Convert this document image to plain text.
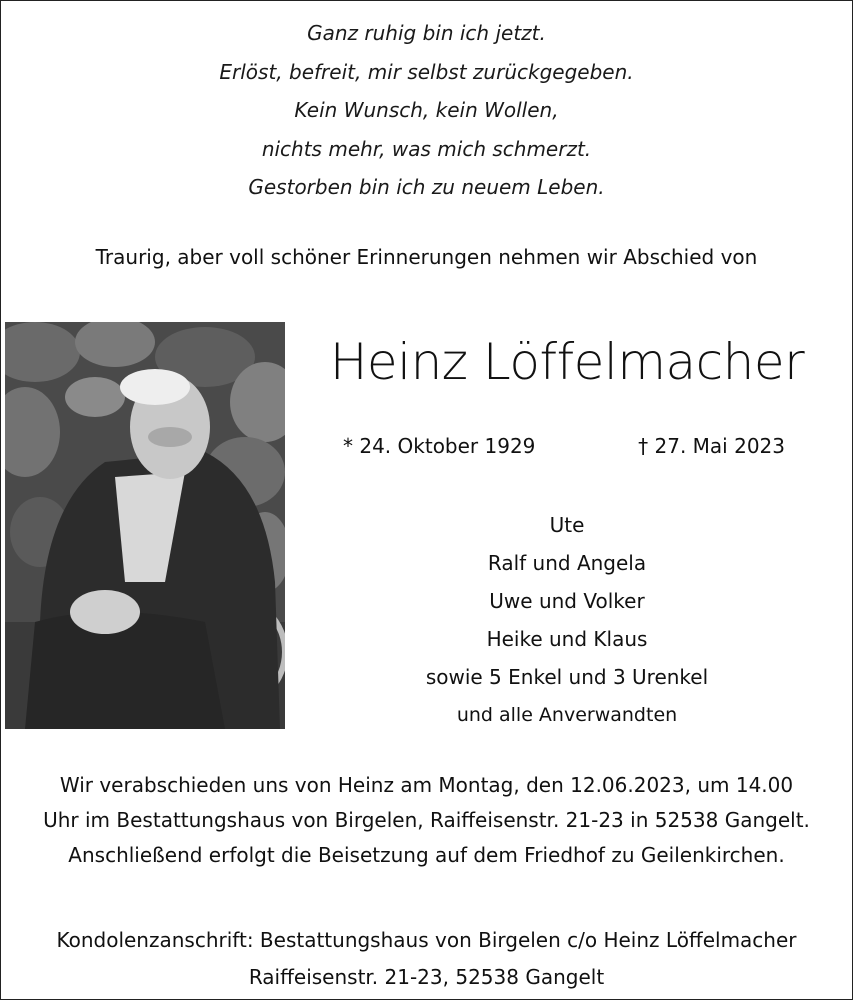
Ganz ruhig bin ich jetzt.
Erlöst, befreit, mir selbst zurückgegeben.
Kein Wunsch, kein Wollen,
nichts mehr, was mich schmerzt.
Gestorben bin ich zu neuem Leben.
Traurig, aber voll schöner Erinnerungen nehmen wir Abschied von
Heinz Löffelmacher
* 24. Oktober 1929	† 27. Mai 2023
Ute
Ralf und Angela
Uwe und Volker
Heike und Klaus
sowie 5 Enkel und 3 Urenkel
und alle Anverwandten
Wir verabschieden uns von Heinz am Montag, den 12.06.2023, um 14.00
Uhr im Bestattungshaus von Birgelen, Raiffeisenstr. 21-23 in 52538 Gangelt.
Anschließend erfolgt die Beisetzung auf dem Friedhof zu Geilenkirchen.
Kondolenzanschrift: Bestattungshaus von Birgelen c/o Heinz Löffelmacher
Raiffeisenstr. 21-23, 52538 Gangelt
